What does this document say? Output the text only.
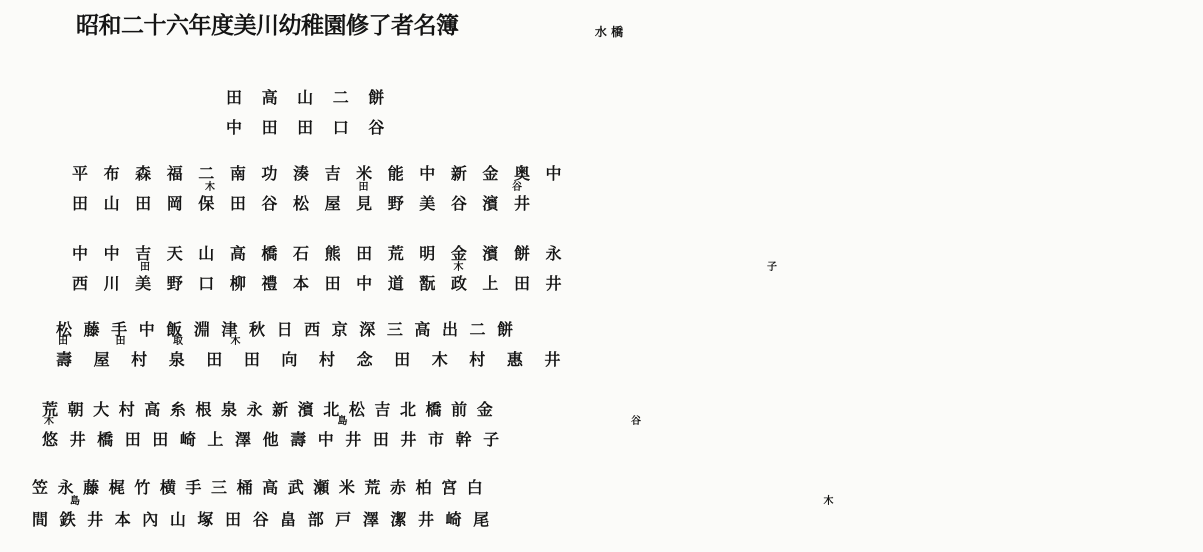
昭和二十六年度美川幼稚園修了者名簿	水 橋
田 高 山 二 餅
中 田 田 口 谷
平 布 森 福 二 南 功 湊 吉 米 能 中 新 金 奥 中
木 田 谷
田 山 田 岡 保 田 谷 松 屋 見 野 美 谷 濱 井
中 中 吉 天 山 高 橋 石 熊 田 荒 明 金 濱 餅 永
田 木 子
西 川 美 野 口 柳 禮 本 田 中 道 翫 政 上 田 井
松 藤 手 中 飯 淵 津 秋 日 西 京 深 三 高 出 二 餅
田 田 取 木
壽 屋 村 泉 田 田 向 村 念 田 木 村 惠 井
荒 朝 大 村 高 糸 根 泉 永 新 濱 北 松 吉 北 橋 前 金
木 島 谷
悠 井 橋 田 田 崎 上 澤 他 壽 中 井 田 井 市 幹 子
笠 永 藤 梶 竹 横 手 三 桶 高 武 瀬 米 荒 赤 柏 宮 白
島 木
間 鉄 井 本 內 山 塚 田 谷 畠 部 戸 澤 潔 井 崎 尾
